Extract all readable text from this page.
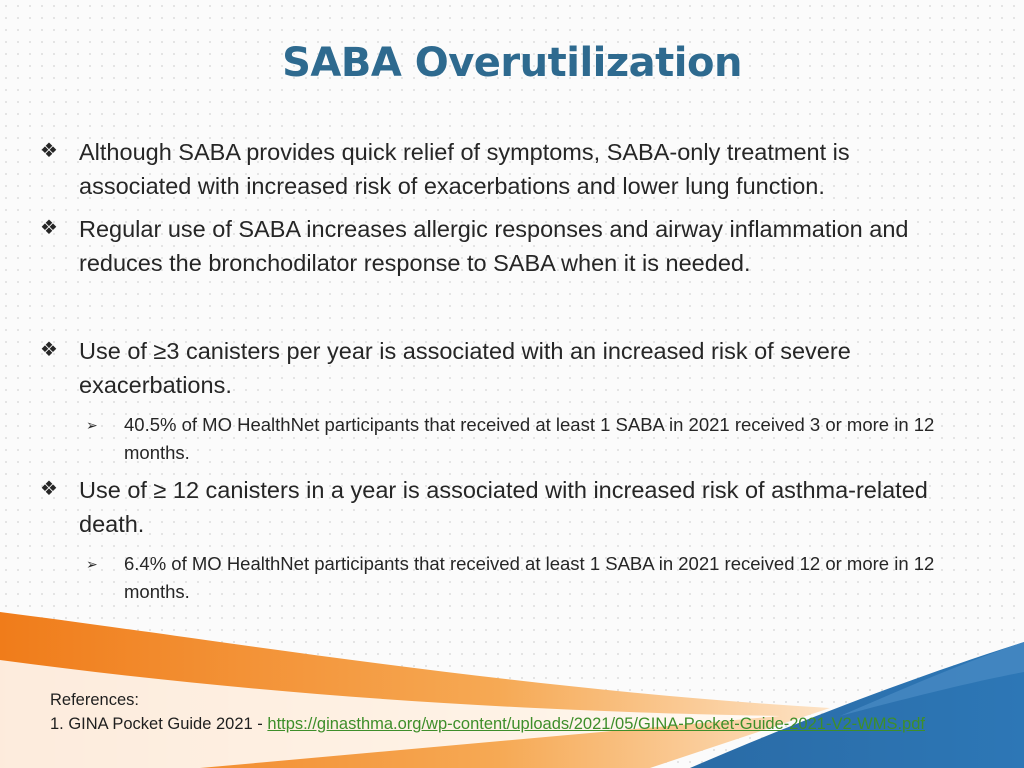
SABA Overutilization
❖ Although SABA provides quick relief of symptoms, SABA-only treatment is associated with increased risk of exacerbations and lower lung function.
❖ Regular use of SABA increases allergic responses and airway inflammation and reduces the bronchodilator response to SABA when it is needed.
❖ Use of ≥3 canisters per year is associated with an increased risk of severe exacerbations.
➢ 40.5% of MO HealthNet participants that received at least 1 SABA in 2021 received 3 or more in 12 months.
❖ Use of ≥ 12 canisters in a year is associated with increased risk of asthma-related death.
➢ 6.4% of MO HealthNet participants that received at least 1 SABA in 2021 received 12 or more in 12 months.
References:
1. GINA Pocket Guide 2021 - https://ginasthma.org/wp-content/uploads/2021/05/GINA-Pocket-Guide-2021-V2-WMS.pdf
